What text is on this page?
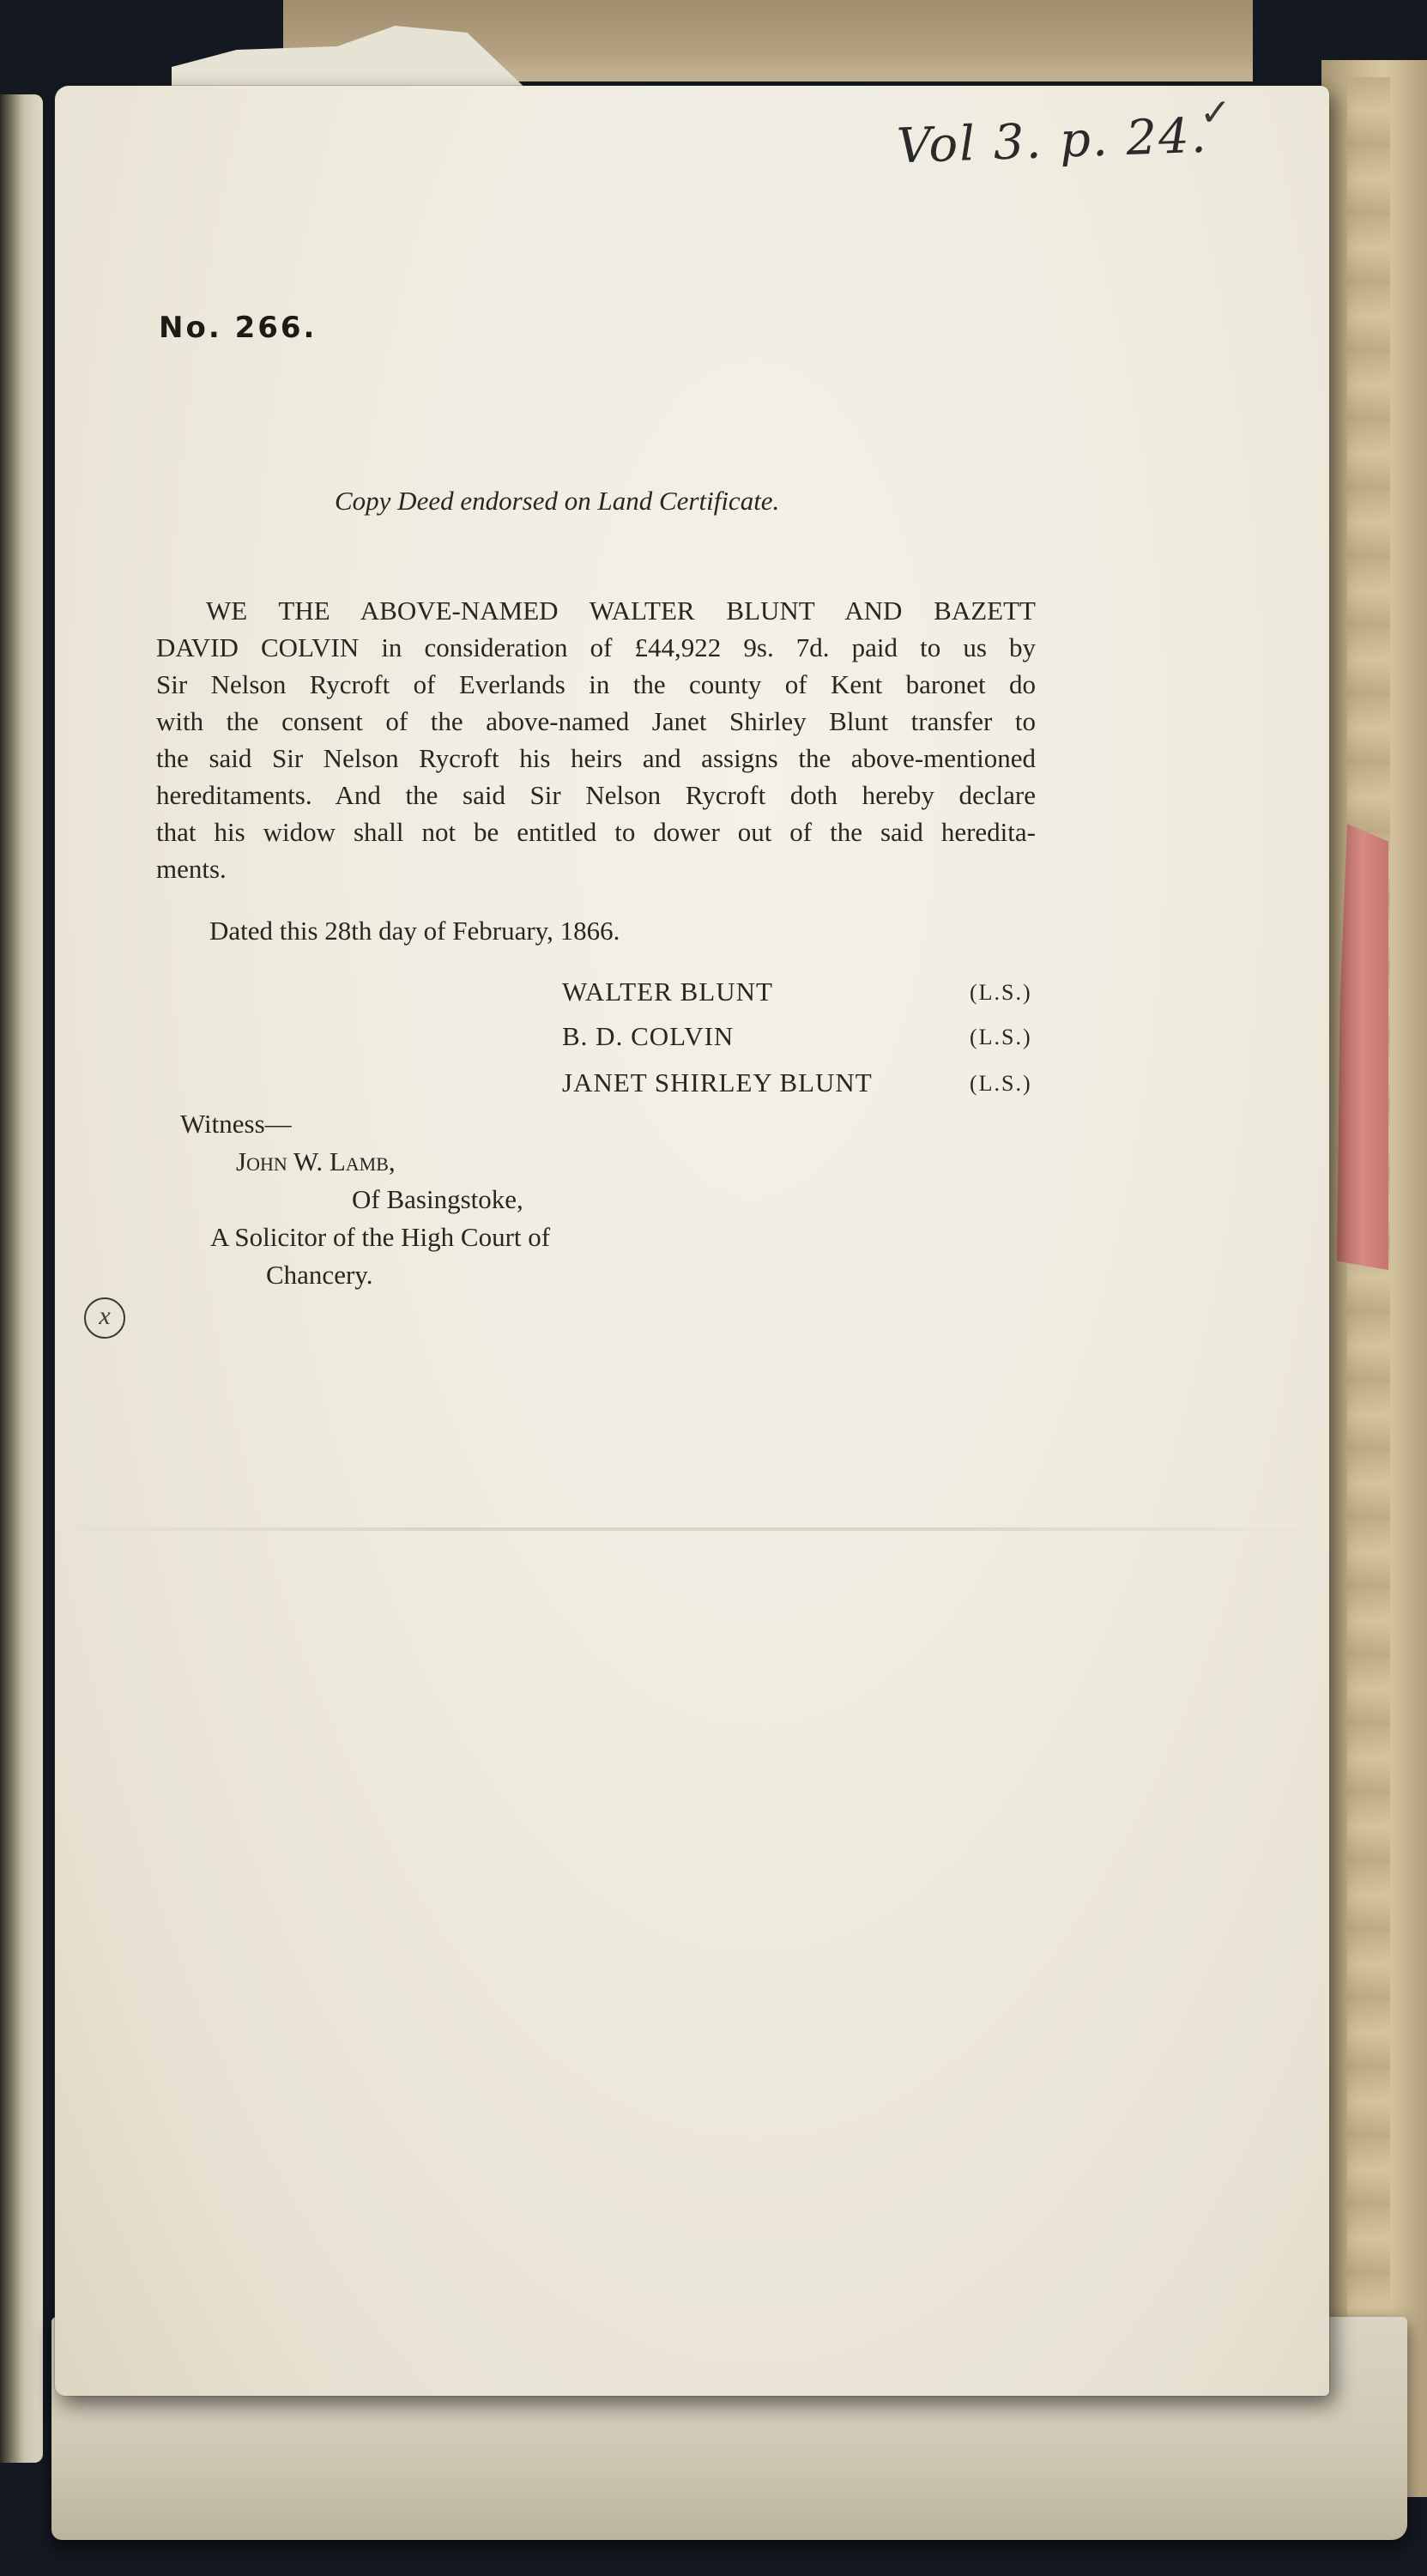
Vol 3. p. 24.
✓
No. 266.
Copy Deed endorsed on Land Certificate.
WE THE ABOVE-NAMED WALTER BLUNT AND BAZETT
DAVID COLVIN in consideration of £44,922 9s. 7d. paid to us by
Sir Nelson Rycroft of Everlands in the county of Kent baronet do
with the consent of the above-named Janet Shirley Blunt transfer to
the said Sir Nelson Rycroft his heirs and assigns the above-mentioned
hereditaments. And the said Sir Nelson Rycroft doth hereby declare
that his widow shall not be entitled to dower out of the said heredita-
ments.
Dated this 28th day of February, 1866.
WALTER BLUNT	(L.S.)
B. D. COLVIN	(L.S.)
JANET SHIRLEY BLUNT	(L.S.)
Witness—
John W. Lamb,
Of Basingstoke,
A Solicitor of the High Court of
Chancery.
x
